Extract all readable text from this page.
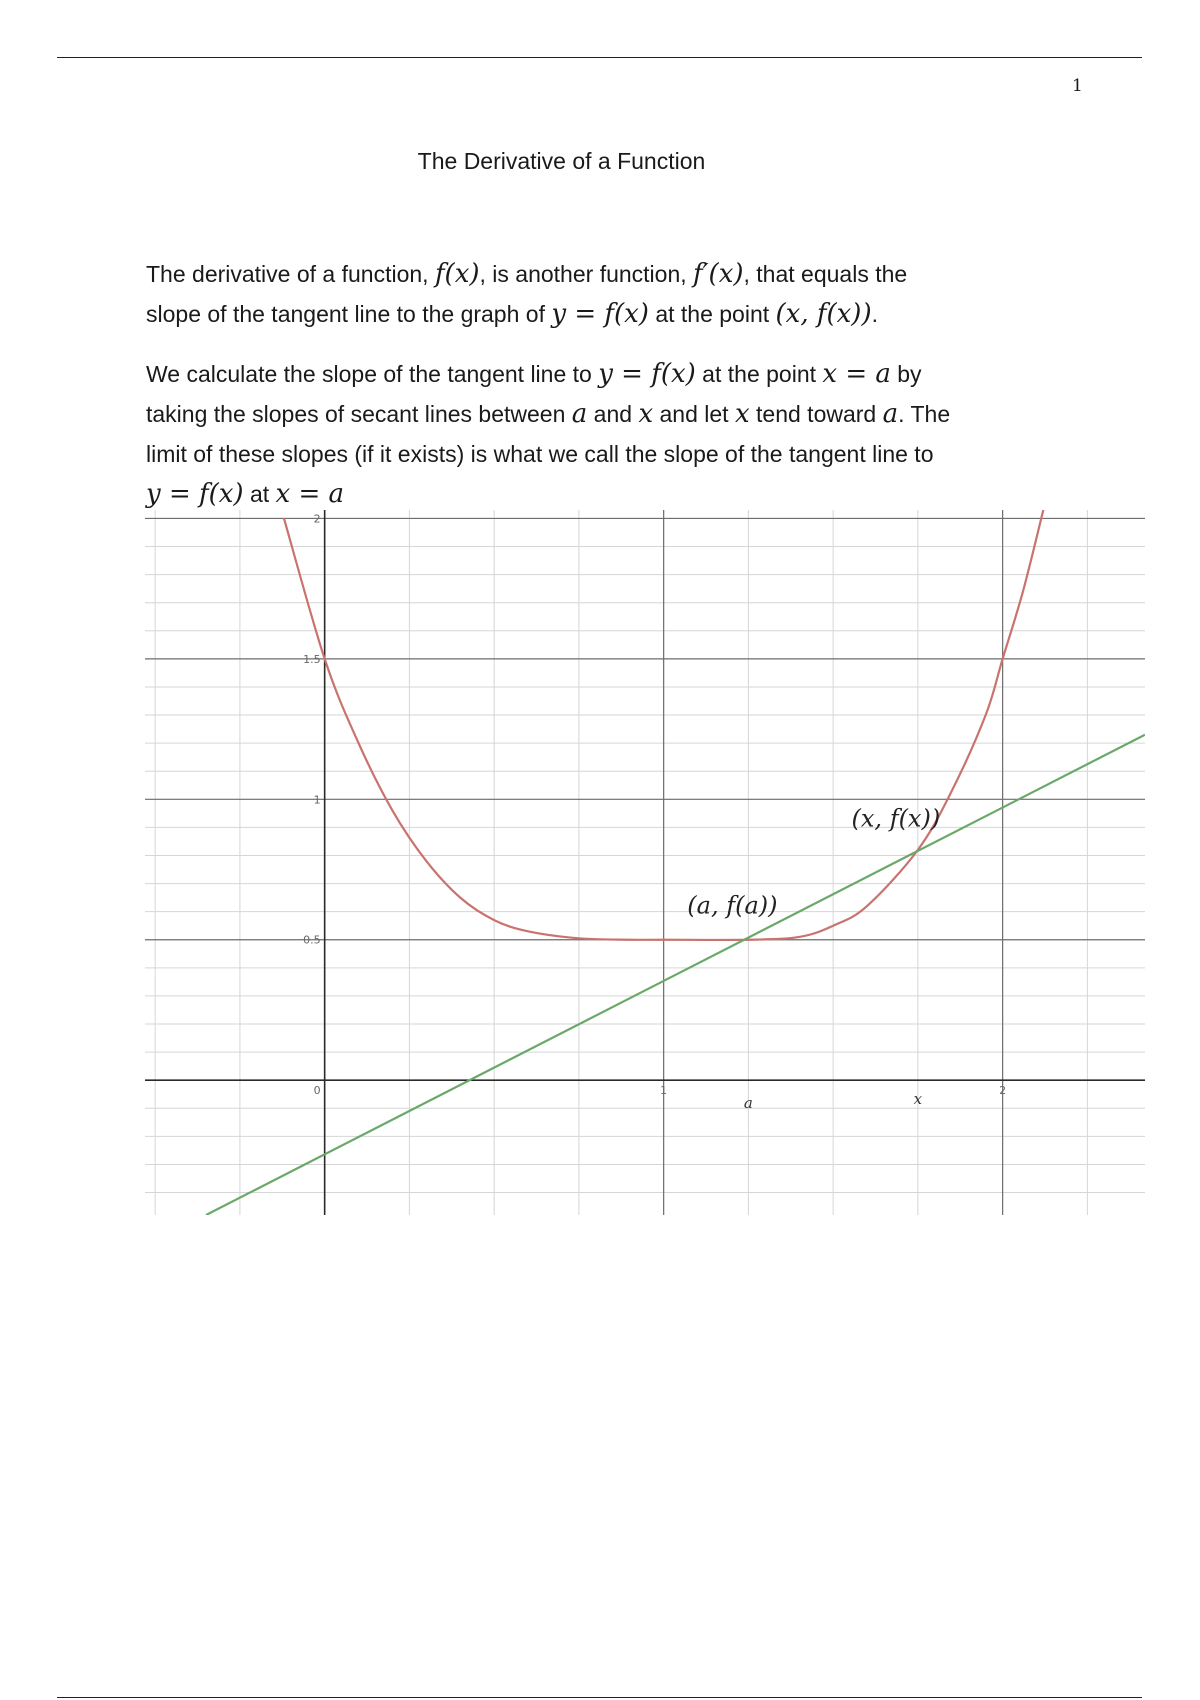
1
The Derivative of a Function
The derivative of a function, f(x), is another function, f′(x), that equals the
slope of the tangent line to the graph of y = f(x) at the point (x, f(x)).
We calculate the slope of the tangent line to y = f(x) at the point x = a by
taking the slopes of secant lines between a and x and let x tend toward a. The
limit of these slopes (if it exists) is what we call the slope of the tangent line to
y = f(x) at x = a
2
1.5
1
0.5
0	1	2
(a, f(a))
(x, f(x))
a	x
